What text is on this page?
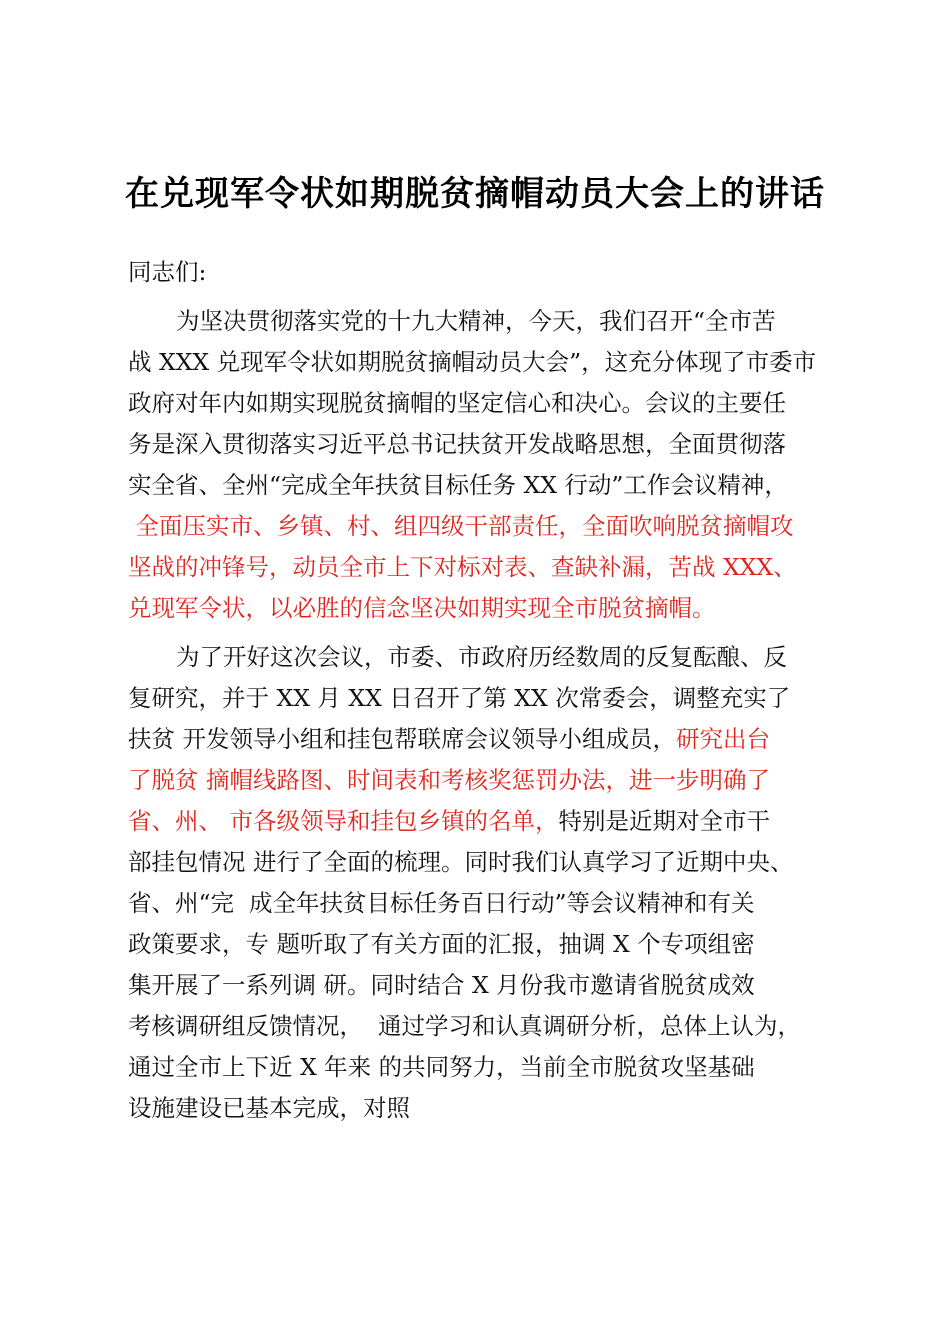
在兑现军令状如期脱贫摘帽动员大会上的讲话
同志们:
为坚决贯彻落实党的十九大精神，今天，我们召开“全市苦
战 XXX 兑现军令状如期脱贫摘帽动员大会”，这充分体现了市委市
政府对年内如期实现脱贫摘帽的坚定信心和决心。会议的主要任
务是深入贯彻落实习近平总书记扶贫开发战略思想，全面贯彻落
实全省、全州“完成全年扶贫目标任务 XX 行动”工作会议精神，
全面压实市、乡镇、村、组四级干部责任，全面吹响脱贫摘帽攻
坚战的冲锋号，动员全市上下对标对表、查缺补漏，苦战 XXX、
兑现军令状，以必胜的信念坚决如期实现全市脱贫摘帽。
为了开好这次会议，市委、市政府历经数周的反复酝酿、反
复研究，并于 XX 月 XX 日召开了第 XX 次常委会，调整充实了
扶贫 开发领导小组和挂包帮联席会议领导小组成员，研究出台
了脱贫 摘帽线路图、时间表和考核奖惩罚办法，进一步明确了
省、州、 市各级领导和挂包乡镇的名单，特别是近期对全市干
部挂包情况 进行了全面的梳理。同时我们认真学习了近期中央、
省、州“完  成全年扶贫目标任务百日行动”等会议精神和有关
政策要求，专 题听取了有关方面的汇报，抽调 X 个专项组密
集开展了一系列调 研。同时结合 X 月份我市邀请省脱贫成效
考核调研组反馈情况，  通过学习和认真调研分析，总体上认为，
通过全市上下近 X 年来 的共同努力，当前全市脱贫攻坚基础
设施建设已基本完成，对照
